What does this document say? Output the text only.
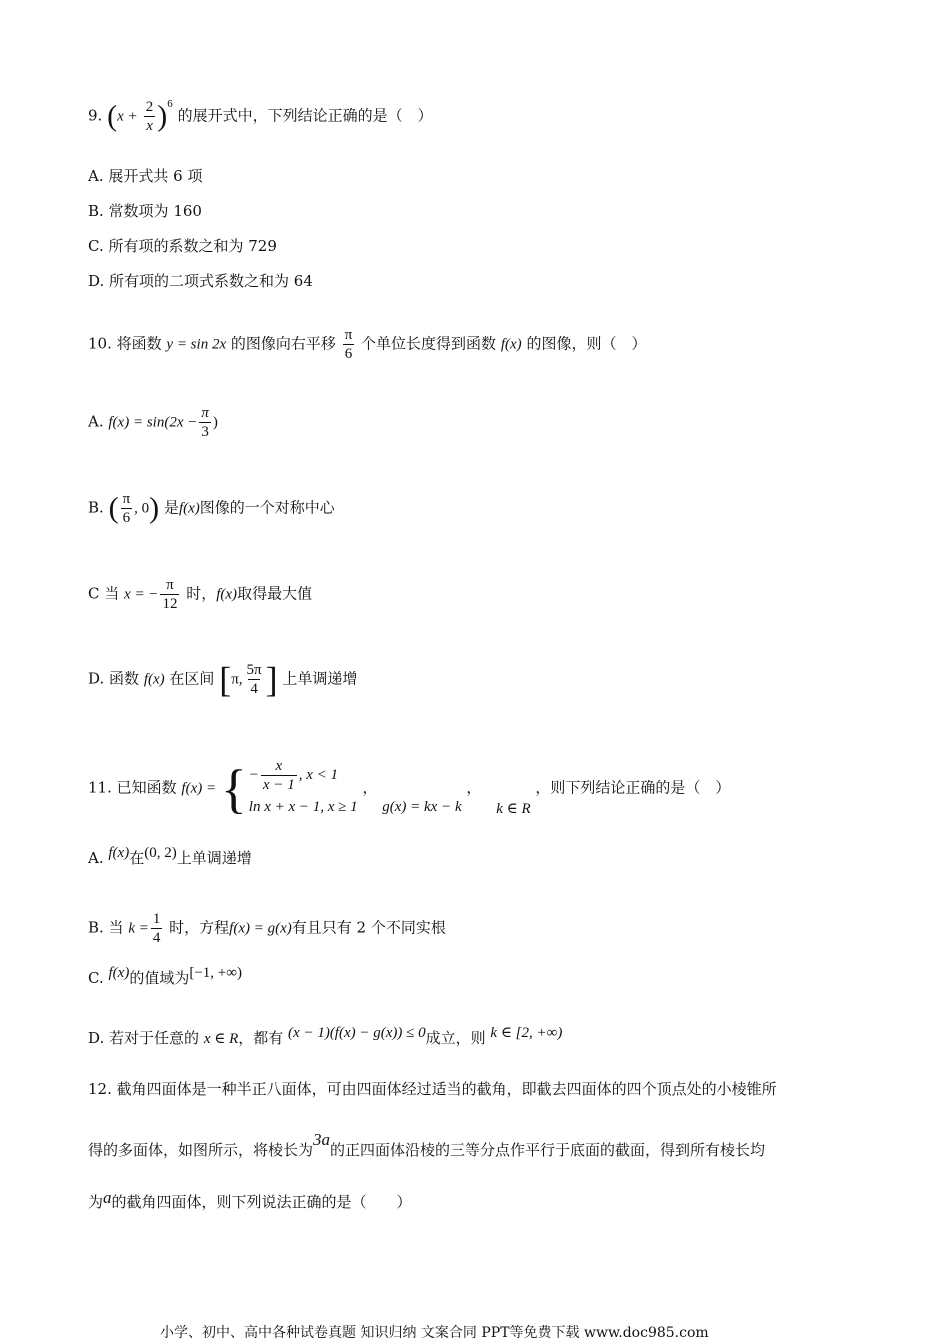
9. $(x + \frac{2}{x} )^6$ 的展开式中，下列结论正确的是（　）
A. 展开式共 6 项
B. 常数项为 160
C. 所有项的系数之和为 729
D. 所有项的二项式系数之和为 64
10. 将函数 y = sin 2x 的图像向右平移 $\frac{\pi}{6}$ 个单位长度得到函数 f(x) 的图像，则（　）
A. $f(x) = \sin(2x - \frac{\pi}{3}$ )
B. ( $\frac{\pi}{6}$ , 0) 是f(x)图像的一个对称中心
C 当 x = − $\frac{\pi}{12}$ 时，f(x)取得最大值
D. 函数 f(x) 在区间 [π, $\frac{5\pi}{4}$ ] 上单调递增
11. 已知函数 f(x) = { − $\frac{x}{x - 1}$ , x < 1
ln x + x − 1, x ≥ 1
， g(x) = kx − k ， k ∈ R ，则下列结论正确的是（　）
A. f(x)在(0, 2)上单调递增
B. 当 $k = \frac{1}{4}$ 时，方程f(x) = g(x)有且只有 2 个不同实根
C. f(x)的值域为[−1, +∞)
D. 若对于任意的 x ∈ R，都有 (x − 1)(f(x) − g(x)) ≤ 0成立，则 k ∈ [2, +∞)
12. 截角四面体是一种半正八面体，可由四面体经过适当的截角，即截去四面体的四个顶点处的小棱锥所
得的多面体，如图所示，将棱长为3a的正四面体沿棱的三等分点作平行于底面的截面，得到所有棱长均
为a的截角四面体，则下列说法正确的是（　　）
小学、初中、高中各种试卷真题 知识归纳 文案合同 PPT等免费下载 www.doc985.com
